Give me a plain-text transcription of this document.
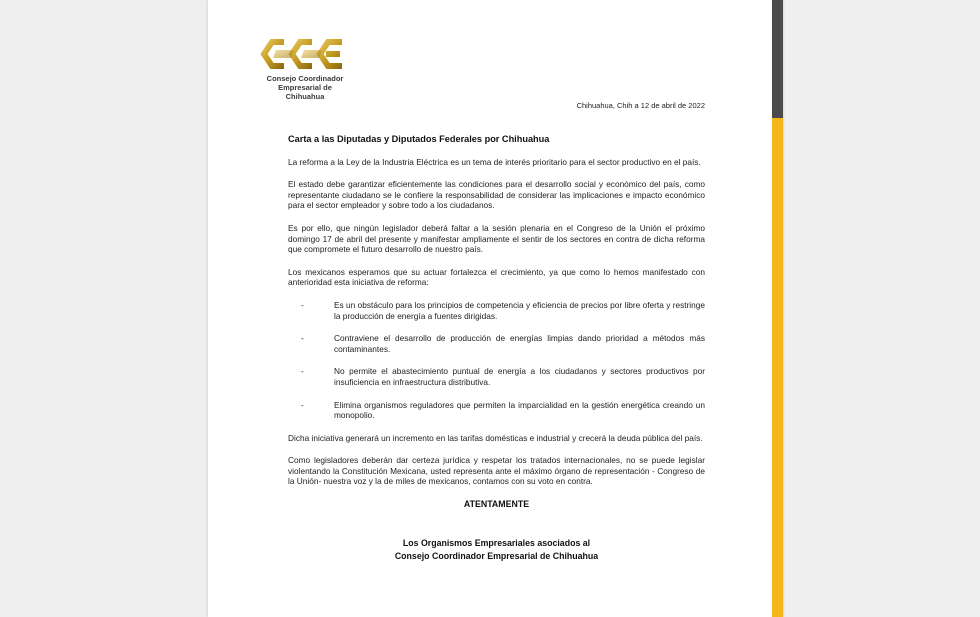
Consejo Coordinador
Empresarial de Chihuahua
Chihuahua, Chih a 12 de abril de 2022
Carta a las Diputadas y Diputados Federales por Chihuahua

La reforma a la Ley de la Industria Eléctrica es un tema de interés prioritario para el sector productivo en el país.

El estado debe garantizar eficientemente las condiciones para el desarrollo social y económico del país, como representante ciudadano se le confiere la responsabilidad de considerar las implicaciones e impacto económico para el sector empleador y sobre todo a los ciudadanos.

Es por ello, que ningún legislador deberá faltar a la sesión plenaria en el Congreso de la Unión el próximo domingo 17 de abril del presente y manifestar ampliamente el sentir de los sectores en contra de dicha reforma que compromete el futuro desarrollo de nuestro país.

Los mexicanos esperamos que su actuar fortalezca el crecimiento, ya que como lo hemos manifestado con anterioridad esta iniciativa de reforma:

-	Es un obstáculo para los principios de competencia y eficiencia de precios por libre oferta y restringe la producción de energía a fuentes dirigidas.
-	Contraviene el desarrollo de producción de energías limpias dando prioridad a métodos más contaminantes.
-	No permite el abastecimiento puntual de energía a los ciudadanos y sectores productivos por insuficiencia en infraestructura distributiva.
-	Elimina organismos reguladores que permiten la imparcialidad en la gestión energética creando un monopolio.

Dicha iniciativa generará un incremento en las tarifas domésticas e industrial y crecerá la deuda pública del país.

Como legisladores deberán dar certeza jurídica y respetar los tratados internacionales, no se puede legislar violentando la Constitución Mexicana, usted representa ante el máximo órgano de representación - Congreso de la Unión- nuestra voz y la de miles de mexicanos, contamos con su voto en contra.

ATENTAMENTE
Los Organismos Empresariales asociados al
Consejo Coordinador Empresarial de Chihuahua
